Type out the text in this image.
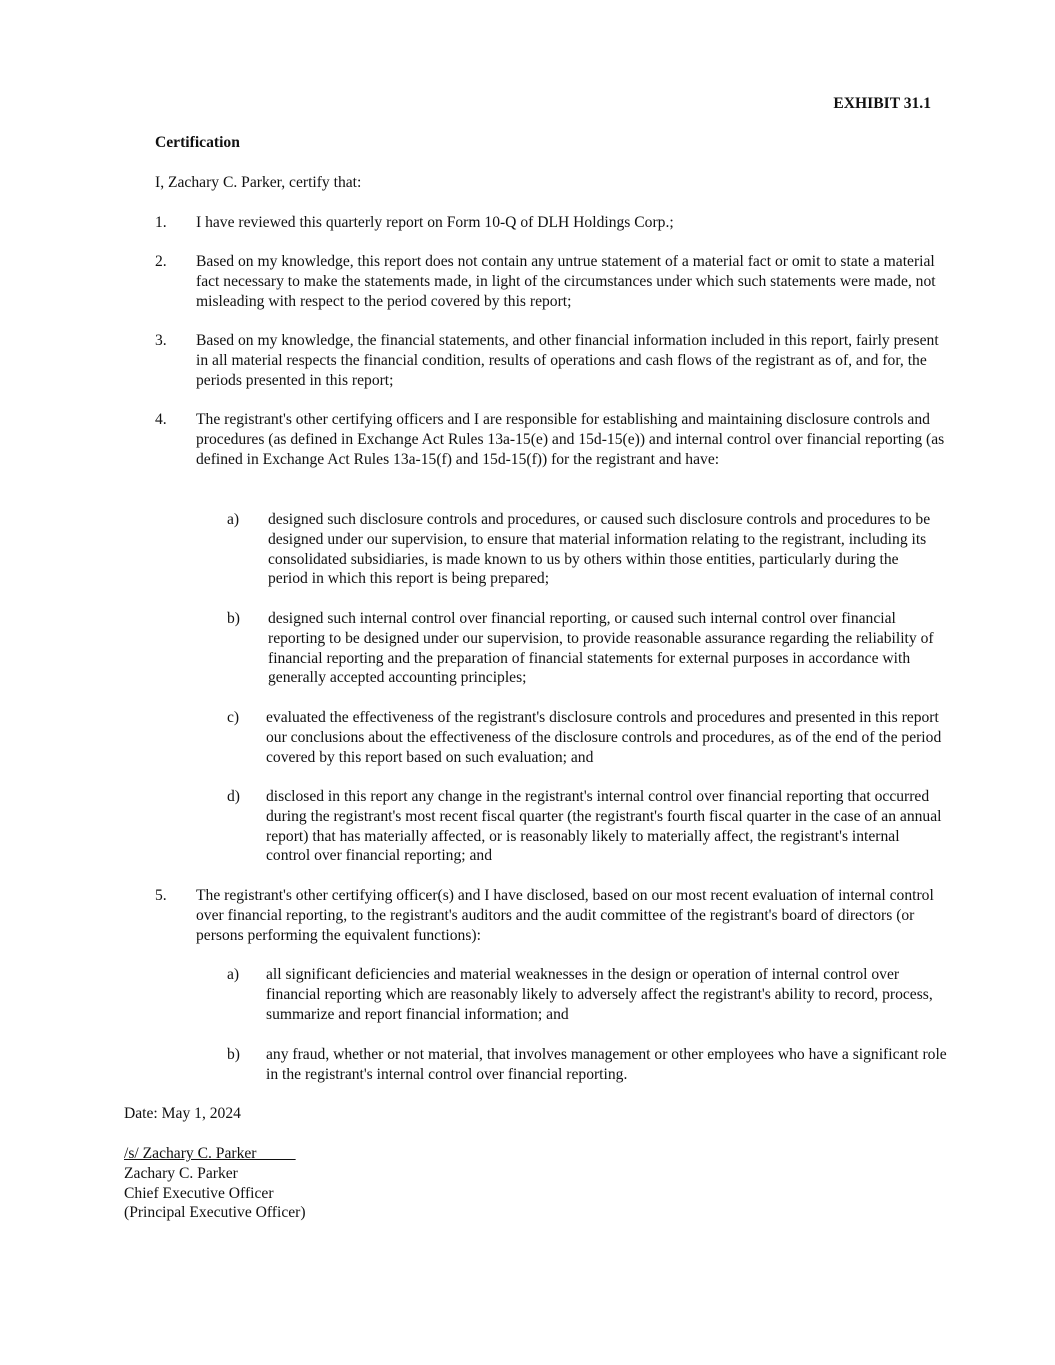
EXHIBIT 31.1
Certification
I, Zachary C. Parker, certify that:
1. I have reviewed this quarterly report on Form 10-Q of DLH Holdings Corp.;
2. Based on my knowledge, this report does not contain any untrue statement of a material fact or omit to state a material fact necessary to make the statements made, in light of the circumstances under which such statements were made, not misleading with respect to the period covered by this report;
3. Based on my knowledge, the financial statements, and other financial information included in this report, fairly present in all material respects the financial condition, results of operations and cash flows of the registrant as of, and for, the periods presented in this report;
4. The registrant's other certifying officers and I are responsible for establishing and maintaining disclosure controls and procedures (as defined in Exchange Act Rules 13a-15(e) and 15d-15(e)) and internal control over financial reporting (as defined in Exchange Act Rules 13a-15(f) and 15d-15(f)) for the registrant and have:
a) designed such disclosure controls and procedures, or caused such disclosure controls and procedures to be designed under our supervision, to ensure that material information relating to the registrant, including its consolidated subsidiaries, is made known to us by others within those entities, particularly during the period in which this report is being prepared;
b) designed such internal control over financial reporting, or caused such internal control over financial reporting to be designed under our supervision, to provide reasonable assurance regarding the reliability of financial reporting and the preparation of financial statements for external purposes in accordance with generally accepted accounting principles;
c) evaluated the effectiveness of the registrant's disclosure controls and procedures and presented in this report our conclusions about the effectiveness of the disclosure controls and procedures, as of the end of the period covered by this report based on such evaluation; and
d) disclosed in this report any change in the registrant's internal control over financial reporting that occurred during the registrant's most recent fiscal quarter (the registrant's fourth fiscal quarter in the case of an annual report) that has materially affected, or is reasonably likely to materially affect, the registrant's internal control over financial reporting; and
5. The registrant's other certifying officer(s) and I have disclosed, based on our most recent evaluation of internal control over financial reporting, to the registrant's auditors and the audit committee of the registrant's board of directors (or persons performing the equivalent functions):
a) all significant deficiencies and material weaknesses in the design or operation of internal control over financial reporting which are reasonably likely to adversely affect the registrant's ability to record, process, summarize and report financial information; and
b) any fraud, whether or not material, that involves management or other employees who have a significant role in the registrant's internal control over financial reporting.
Date: May 1, 2024
/s/ Zachary C. Parker_____
Zachary C. Parker
Chief Executive Officer
(Principal Executive Officer)
